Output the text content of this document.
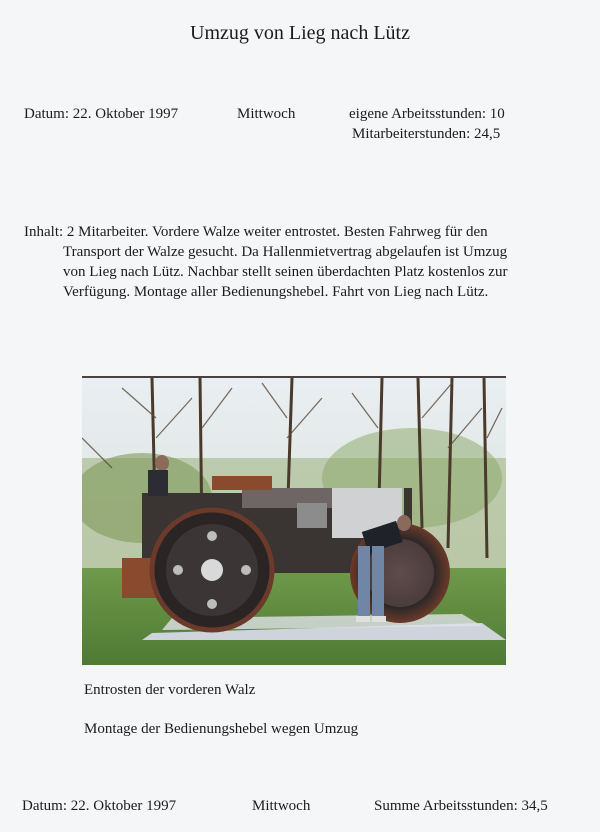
Umzug von Lieg nach Lütz
Datum: 22. Oktober 1997	Mittwoch	eigene Arbeitsstunden: 10
Mitarbeiterstunden: 24,5
Inhalt: 2 Mitarbeiter. Vordere Walze weiter entrostet. Besten Fahrweg für den
Transport der Walze gesucht. Da Hallenmietvertrag abgelaufen ist Umzug
von Lieg nach Lütz. Nachbar stellt seinen überdachten Platz kostenlos zur
Verfügung. Montage aller Bedienungshebel. Fahrt von Lieg nach Lütz.
Entrosten der vorderen Walz
Montage der Bedienungshebel wegen Umzug
Datum: 22. Oktober 1997	Mittwoch	Summe Arbeitsstunden: 34,5
